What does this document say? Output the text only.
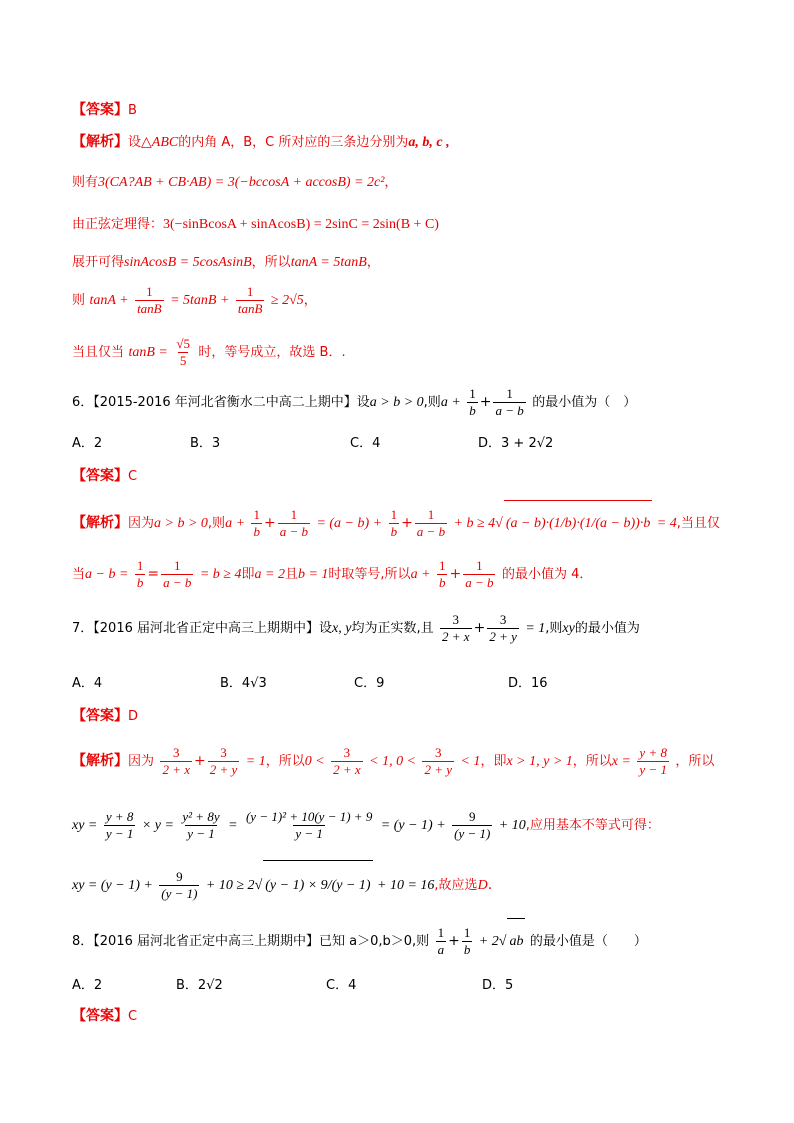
【答案】B
【解析】设△ABC的内角 A，B，C 所对应的三条边分别为a, b, c ,
则有3(CA?AB + CB·AB) = 3(−bccosA + accosB) = 2c²，
由正弦定理得：3(−sinBcosA + sinAcosB) = 2sinC = 2sin(B + C)
展开可得sinAcosB = 5cosAsinB，所以tanA = 5tanB，
则 $\tan A + \frac{1}{\tan B} = 5\tan B + \frac{1}{\tan B} \ge 2√5$，
当且仅当 $\tan B = \frac{√5}{5}$ 时，等号成立，故选 B．.
6．【2015-2016 年河北省衡水二中高二上期中】设a > b > 0,则$a + \frac{1}{b} + \frac{1}{a - b}$ 的最小值为（　）
A．2	B．3	C．4	D．3 + 2√2
【答案】C
【解析】因为a > b > 0,则$a + \frac{1}{b} + \frac{1}{a - b} = (a - b) + \frac{1}{b} + \frac{1}{a - b} + b \ge 4√$ (a − b)·(1/b)·(1/(a − b))·b = 4,当且仅
当$a - b = \frac{1}{b} = \frac{1}{a - b} = b \ge 4$即a = 2且b = 1时取等号,所以$a + \frac{1}{b} + \frac{1}{a - b}$ 的最小值为 4．
7．【2016 届河北省正定中高三上期期中】设x, y均为正实数,且 $\frac{3}{2 + x} + \frac{3}{2 + y} = 1$,则xy的最小值为
A．4	B．4√3	C．9	D．16
【答案】D
【解析】因为 $\frac{3}{2 + x} + \frac{3}{2 + y} = 1$，所以$0 < \frac{3}{2 + x} < 1$, $0 < \frac{3}{2 + y} < 1$，即x > 1, y > 1，所以$x = \frac{y + 8}{y - 1}$ ，所以
xy = $\frac{y + 8}{y - 1} \times y = \frac{\text{y² + 8y}}{y - 1} = \frac{\text{(y − 1)² + 10(y − 1) + 9}}{y - 1} = (y - 1) + \frac{9}{(y - 1)} + 10$,应用基本不等式可得：
xy = $(y - 1) + \frac{9}{(y - 1)} + 10 \ge 2√$ (y − 1) × 9/(y − 1) + 10 = 16,故应选D.
8．【2016 届河北省正定中高三上期期中】已知 a＞0,b＞0,则 $\frac{1}{a} + \frac{1}{b} + 2√$ ab 的最小值是（　　）
A．2	B．2√2	C．4	D．5
【答案】C
